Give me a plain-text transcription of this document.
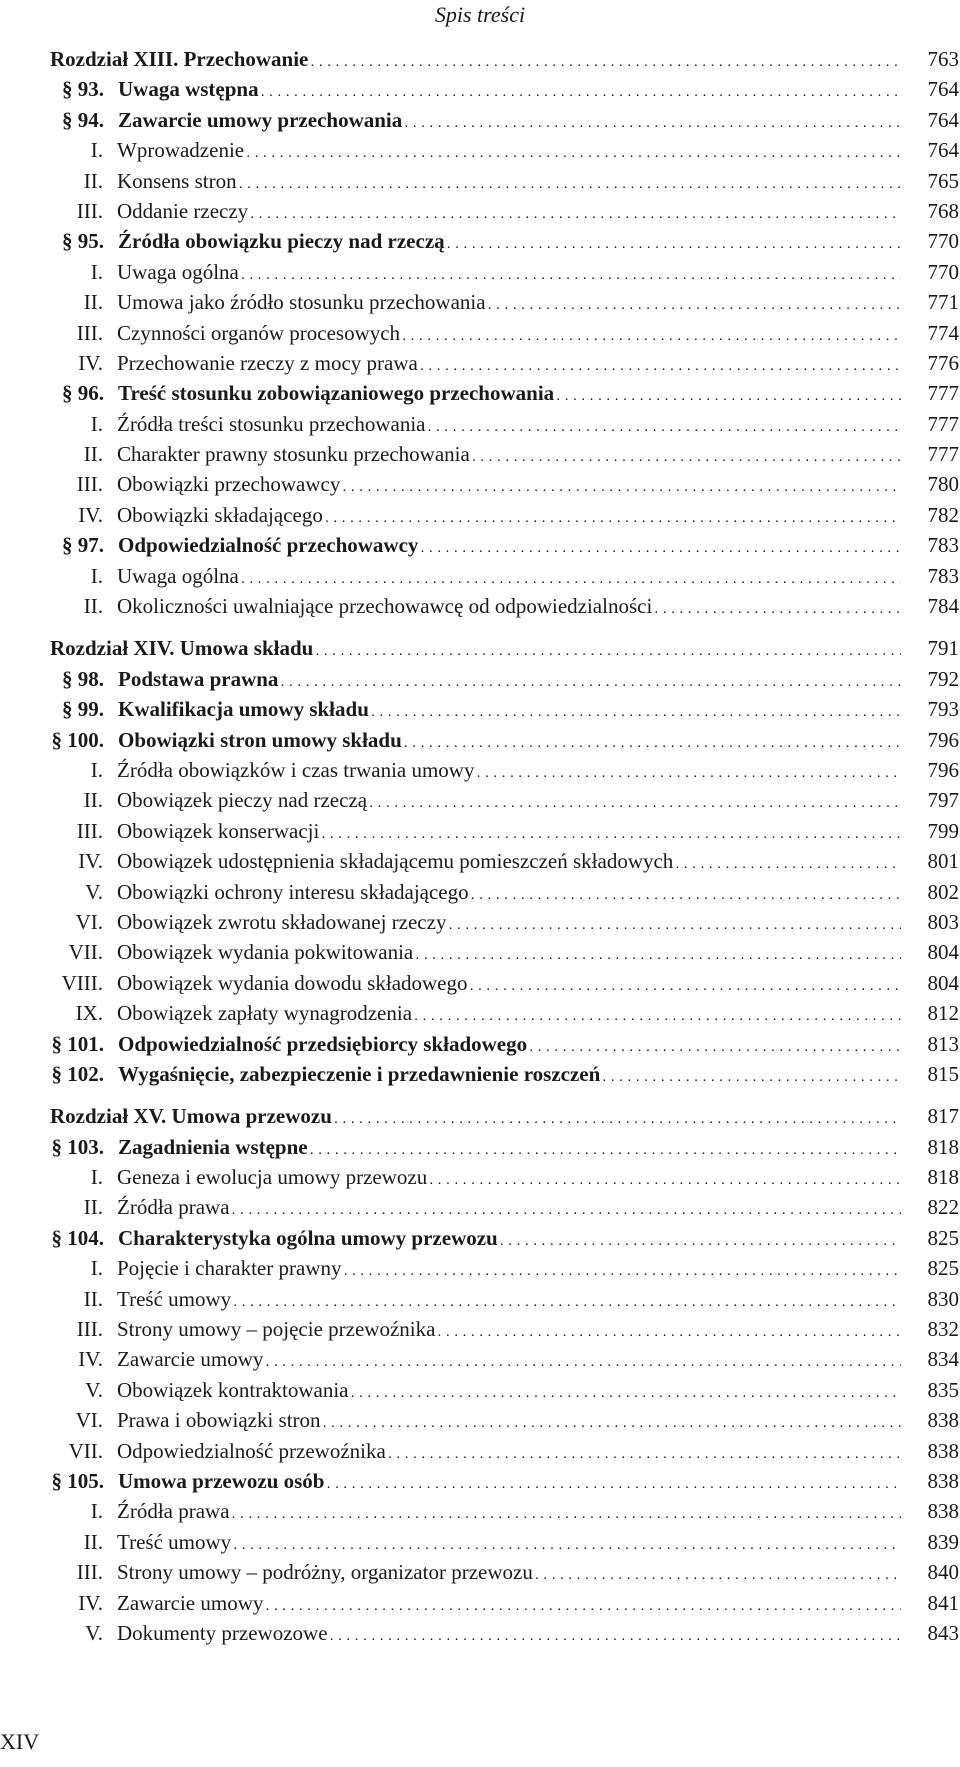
Spis treści
Rozdział XIII. Przechowanie . . .	763
§ 93. Uwaga wstępna . . .	764
§ 94. Zawarcie umowy przechowania . . .	764
I. Wprowadzenie . . .	764
II. Konsens stron . . .	765
III. Oddanie rzeczy . . .	768
§ 95. Źródła obowiązku pieczy nad rzeczą . . .	770
I. Uwaga ogólna . . .	770
II. Umowa jako źródło stosunku przechowania . . .	771
III. Czynności organów procesowych . . .	774
IV. Przechowanie rzeczy z mocy prawa . . .	776
§ 96. Treść stosunku zobowiązaniowego przechowania . . .	777
I. Źródła treści stosunku przechowania . . .	777
II. Charakter prawny stosunku przechowania . . .	777
III. Obowiązki przechowawcy . . .	780
IV. Obowiązki składającego . . .	782
§ 97. Odpowiedzialność przechowawcy . . .	783
I. Uwaga ogólna . . .	783
II. Okoliczności uwalniające przechowawcę od odpowiedzialności . . .	784
Rozdział XIV. Umowa składu . . .	791
§ 98. Podstawa prawna . . .	792
§ 99. Kwalifikacja umowy składu . . .	793
§ 100. Obowiązki stron umowy składu . . .	796
I. Źródła obowiązków i czas trwania umowy . . .	796
II. Obowiązek pieczy nad rzeczą . . .	797
III. Obowiązek konserwacji . . .	799
IV. Obowiązek udostępnienia składającemu pomieszczeń składowych . . .	801
V. Obowiązki ochrony interesu składającego . . .	802
VI. Obowiązek zwrotu składowanej rzeczy . . .	803
VII. Obowiązek wydania pokwitowania . . .	804
VIII. Obowiązek wydania dowodu składowego . . .	804
IX. Obowiązek zapłaty wynagrodzenia . . .	812
§ 101. Odpowiedzialność przedsiębiorcy składowego . . .	813
§ 102. Wygaśnięcie, zabezpieczenie i przedawnienie roszczeń . . .	815
Rozdział XV. Umowa przewozu . . .	817
§ 103. Zagadnienia wstępne . . .	818
I. Geneza i ewolucja umowy przewozu . . .	818
II. Źródła prawa . . .	822
§ 104. Charakterystyka ogólna umowy przewozu . . .	825
I. Pojęcie i charakter prawny . . .	825
II. Treść umowy . . .	830
III. Strony umowy – pojęcie przewoźnika . . .	832
IV. Zawarcie umowy . . .	834
V. Obowiązek kontraktowania . . .	835
VI. Prawa i obowiązki stron . . .	838
VII. Odpowiedzialność przewoźnika . . .	838
§ 105. Umowa przewozu osób . . .	838
I. Źródła prawa . . .	838
II. Treść umowy . . .	839
III. Strony umowy – podróżny, organizator przewozu . . .	840
IV. Zawarcie umowy . . .	841
V. Dokumenty przewozowe . . .	843
XIV
